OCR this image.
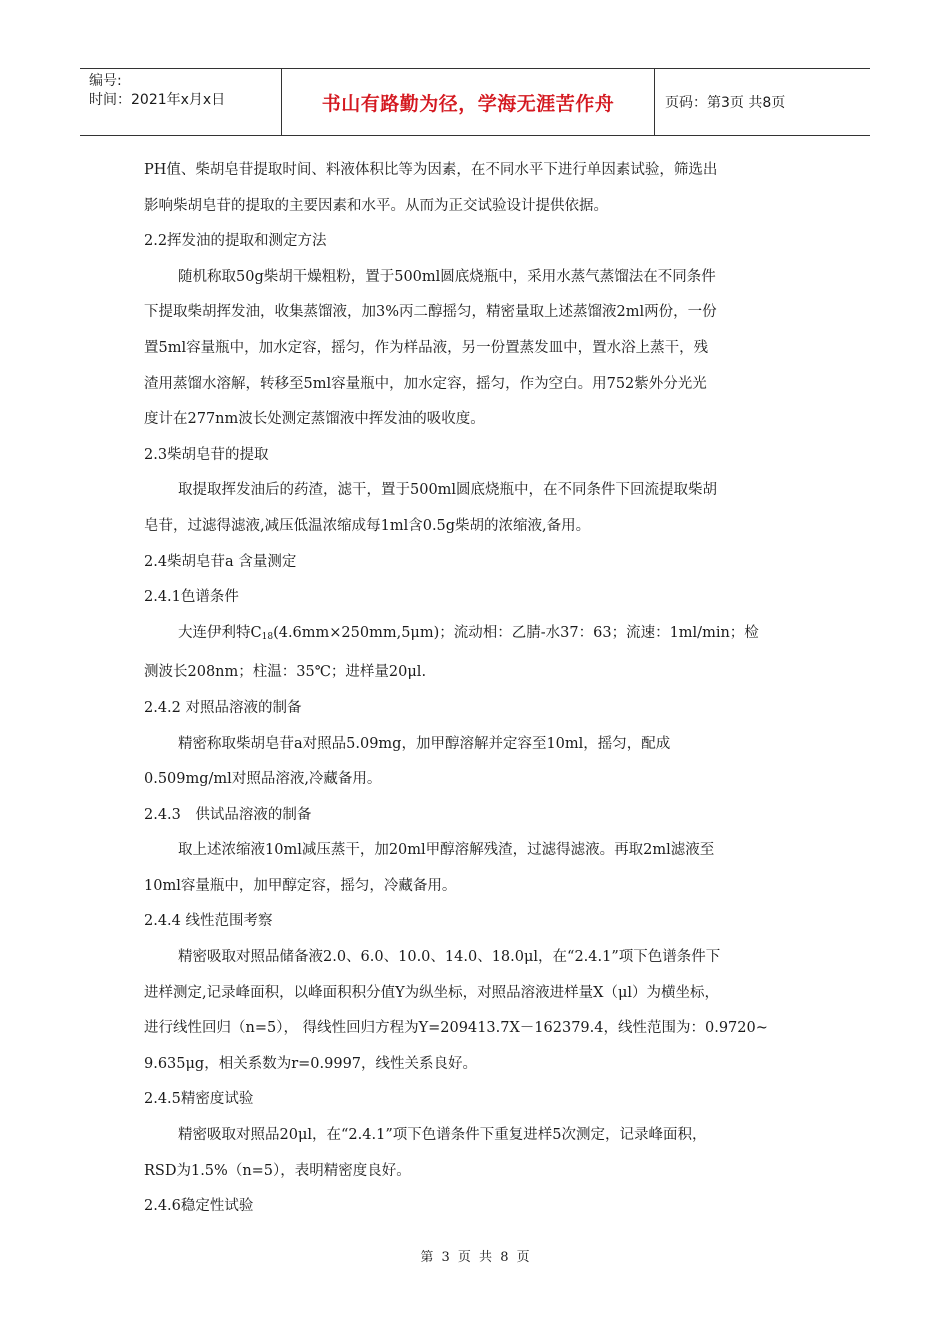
编号:
时间：2021年x月x日	书山有路勤为径，学海无涯苦作舟	页码：第3页 共8页

PH值、柴胡皂苷提取时间、料液体积比等为因素，在不同水平下进行单因素试验，筛选出

影响柴胡皂苷的提取的主要因素和水平。从而为正交试验设计提供依据。

2.2挥发油的提取和测定方法

随机称取50g柴胡干燥粗粉，置于500ml圆底烧瓶中，采用水蒸气蒸馏法在不同条件

下提取柴胡挥发油，收集蒸馏液，加3%丙二醇摇匀，精密量取上述蒸馏液2ml两份，一份

置5ml容量瓶中，加水定容，摇匀，作为样品液，另一份置蒸发皿中，置水浴上蒸干，残

渣用蒸馏水溶解，转移至5ml容量瓶中，加水定容，摇匀，作为空白。用752紫外分光光

度计在277nm波长处测定蒸馏液中挥发油的吸收度。

2.3柴胡皂苷的提取

取提取挥发油后的药渣，滤干，置于500ml圆底烧瓶中，在不同条件下回流提取柴胡

皂苷，过滤得滤液,减压低温浓缩成每1ml含0.5g柴胡的浓缩液,备用。

2.4柴胡皂苷a 含量测定

2.4.1色谱条件

大连伊利特$C_{18}(4.6mm\times 250mm,5\mu m)$；流动相：乙腈-水37：63；流速：1ml/min；检

测波长208nm；柱温：35℃；进样量20μl.

2.4.2 对照品溶液的制备

精密称取柴胡皂苷a对照品5.09mg，加甲醇溶解并定容至10ml，摇匀，配成

0.509mg/ml对照品溶液,冷藏备用。

2.4.3　供试品溶液的制备

取上述浓缩液10ml减压蒸干，加20ml甲醇溶解残渣，过滤得滤液。再取2ml滤液至

10ml容量瓶中，加甲醇定容，摇匀，冷藏备用。

2.4.4 线性范围考察

精密吸取对照品储备液2.0、6.0、10.0、14.0、18.0μl，在“2.4.1”项下色谱条件下

进样测定,记录峰面积，以峰面积积分值Y为纵坐标，对照品溶液进样量X（μl）为横坐标，

进行线性回归（n=5）， 得线性回归方程为Y=209413.7X－162379.4，线性范围为：0.9720~

9.635μg，相关系数为r=0.9997，线性关系良好。

2.4.5精密度试验

精密吸取对照品20μl，在“2.4.1”项下色谱条件下重复进样5次测定，记录峰面积，

RSD为1.5%（n=5），表明精密度良好。

2.4.6稳定性试验

第 3 页 共 8 页
